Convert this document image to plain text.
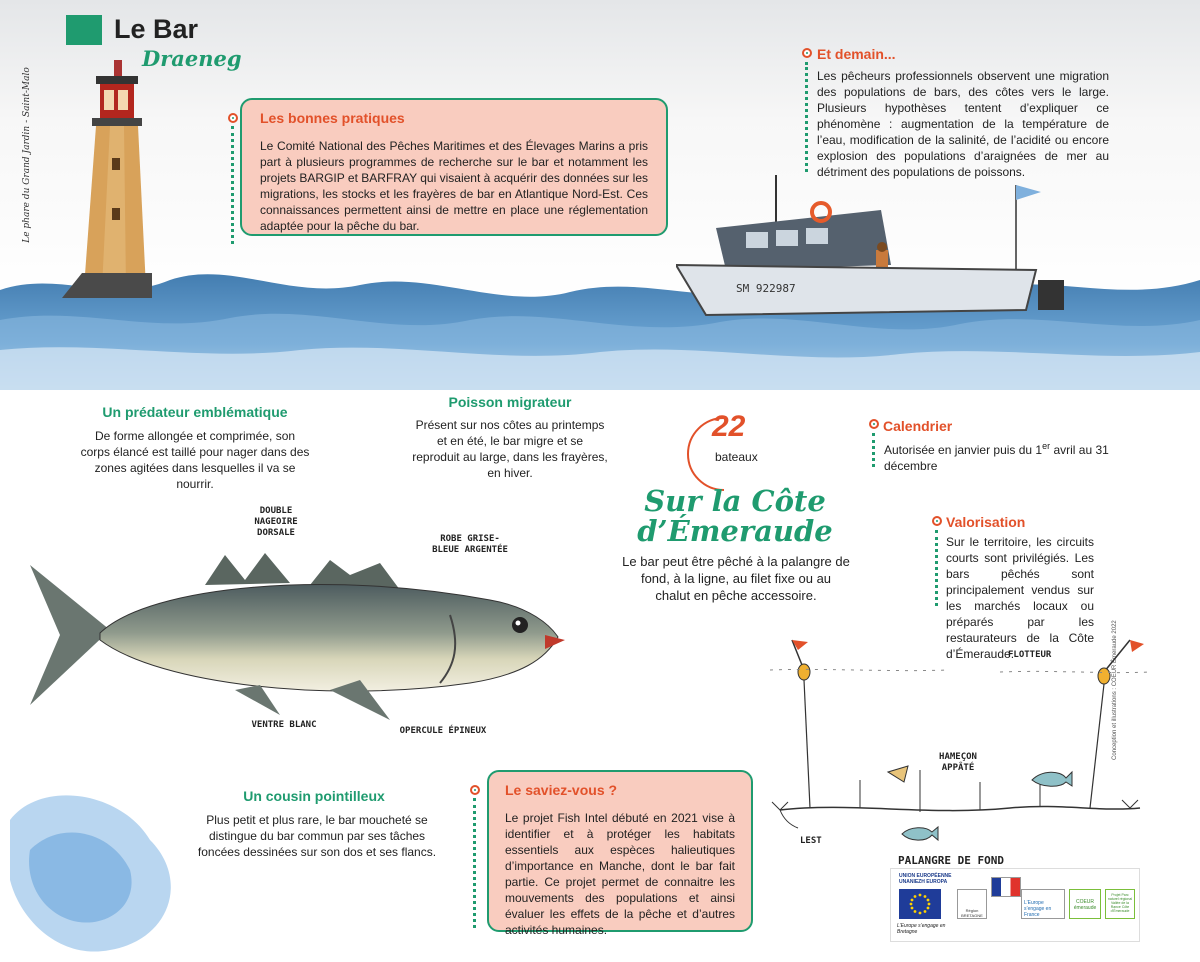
Le Bar
Draeneg
Le phare du Grand Jardin - Saint-Malo
Conception et illustrations : COEUR Émeraude 2022
SM 922987
Les bonnes pratiques
Le Comité National des Pêches Maritimes et des Élevages Marins a pris part à plusieurs programmes de recherche sur le bar et notamment les projets BARGIP et BARFRAY qui visaient à acquérir des données sur les migrations, les stocks et les frayères de bar en Atlantique Nord-Est. Ces connaissances permettent ainsi de mettre en place une réglementation adaptée pour la pêche du bar.
Et demain...
Les pêcheurs professionnels observent une migration des populations de bars, des côtes vers le large. Plusieurs hypothèses tentent d’expliquer ce phénomène : augmentation de la température de l’eau, modification de la salinité, de l’acidité ou encore explosion des populations d’araignées de mer au détriment des populations de poissons.
Un prédateur emblématique
De forme allongée et comprimée, son corps élancé est taillé pour nager dans des zones agitées dans lesquelles il va se nourrir.
Poisson migrateur
Présent sur nos côtes au printemps et en été, le bar migre et se reproduit au large, dans les frayères, en hiver.
22
bateaux
Calendrier
Autorisée en janvier puis du 1er avril au 31 décembre
Sur la Côte
d’Émeraude
Le bar peut être pêché à la palangre de fond, à la ligne, au filet fixe ou au chalut en pêche accessoire.
Valorisation
Sur le territoire, les circuits courts sont privilégiés. Les bars pêchés sont principalement vendus sur les marchés locaux ou préparés par les restaurateurs de la Côte d’Émeraude.
DOUBLE NAGEOIRE DORSALE
ROBE GRISE-BLEUE ARGENTÉE
VENTRE BLANC
OPERCULE ÉPINEUX
Un cousin pointilleux
Plus petit et plus rare, le bar moucheté se distingue du bar commun par ses tâches foncées dessinées sur son dos et ses flancs.
Le saviez-vous ?
Le projet Fish Intel débuté en 2021 vise à identifier et à protéger les habitats essentiels aux espèces halieutiques d’importance en Manche, dont le bar fait partie. Ce projet permet de connaitre les mouvements des populations et ainsi évaluer les effets de la pêche et d’autres activités humaines.
FLOTTEUR
HAMEÇON APPÂTÉ
LEST
PALANGRE DE FOND
UNION EUROPÉENNE
UNANIEZH EUROPA
L’Europe s’engage en Bretagne
Région BRETAGNE
L’Europe s’engage en France
COEUR émeraude
Projet Parc naturel régional Vallée de la Rance Côte d’Émeraude
